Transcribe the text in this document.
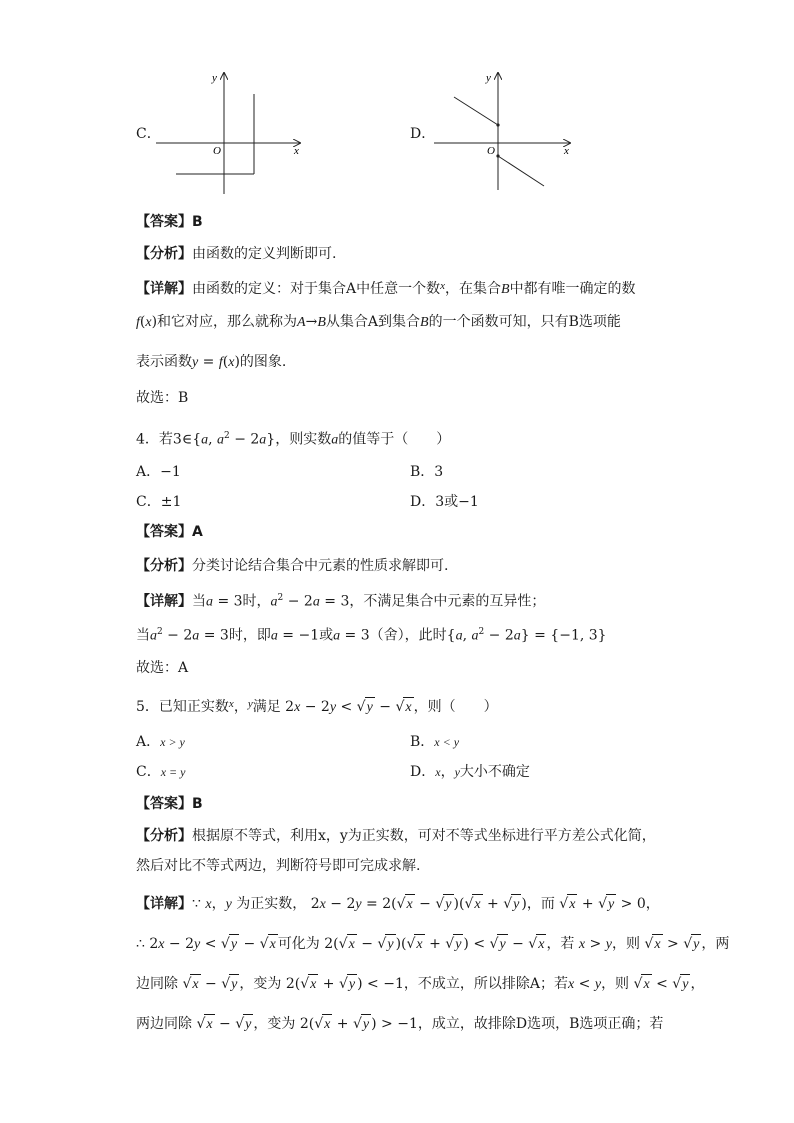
C．
y
x
O
D．
y
x
O
【答案】B
【分析】由函数的定义判断即可.
【详解】由函数的定义：对于集合A中任意一个数$^x$，在集合B中都有唯一确定的数
f(x)和它对应，那么就称为A→B从集合A到集合B的一个函数可知，只有B选项能
表示函数y = f(x)的图象.
故选：B
4．若3∈{a, $a^2 - 2a$}，则实数a的值等于（　　）
A．−1	B．3
C．±1	D．3或−1
【答案】A
【分析】分类讨论结合集合中元素的性质求解即可.
【详解】当a = 3时，$a^2 - 2a = 3$，不满足集合中元素的互异性；
当$a^2 - 2a = 3$时，即a = −1或a = 3（舍），此时{a, $a^2 - 2a\} = \{-1$, 3}
故选：A
5．已知正实数$^x$，$^y$满足 2x − 2y < √y − √x ，则（　　）
A．x > y	B．x < y
C．x = y	D．x，y大小不确定
【答案】B
【分析】根据原不等式，利用x，y为正实数，可对不等式坐标进行平方差公式化简，
然后对比不等式两边，判断符号即可完成求解.
【详解】∵ x，y 为正实数， 2x − 2y = 2(√x − √y )(√x + √y )，而 √x + √y > 0，
∴ 2x − 2y < √y − √x 可化为 2(√x − √y )(√x + √y ) < √y − √x ，若 x > y，则 √x > √y ，两
边同除 √x − √y ，变为 2(√x + √y ) < −1，不成立，所以排除A；若x < y，则 √x < √y ，
两边同除 √x − √y ，变为 2(√x + √y ) > −1，成立，故排除D选项，B选项正确；若
